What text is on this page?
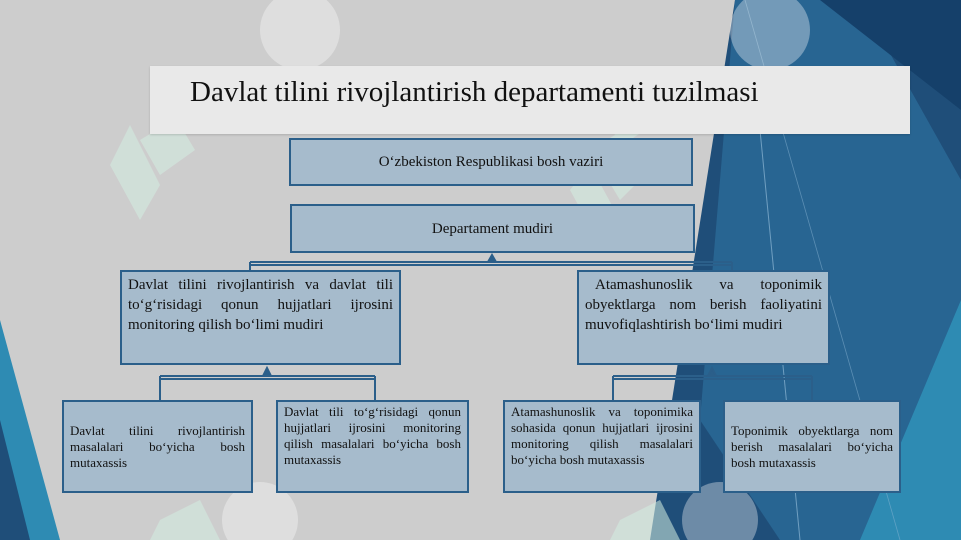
Davlat tilini rivojlantirish departamenti tuzilmasi
O‘zbekiston Respublikasi bosh vaziri
Departament mudiri
Davlat tilini rivojlantirish va davlat tili to‘g‘risidagi qonun hujjatlari ijrosini monitoring qilish bo‘limi mudiri
Atamashunoslik va toponimik obyektlarga nom berish faoliyatini muvofiqlashtirish bo‘limi mudiri
Davlat tilini rivojlantirish masalalari bo‘yicha bosh mutaxassis
Davlat tili to‘g‘risidagi qonun hujjatlari ijrosini monitoring qilish masalalari bo‘yicha bosh mutaxassis
Atamashunoslik va toponimika sohasida qonun hujjatlari ijrosini monitoring qilish masalalari bo‘yicha bosh mutaxassis
Toponimik obyektlarga nom berish masalalari bo‘yicha bosh mutaxassis
